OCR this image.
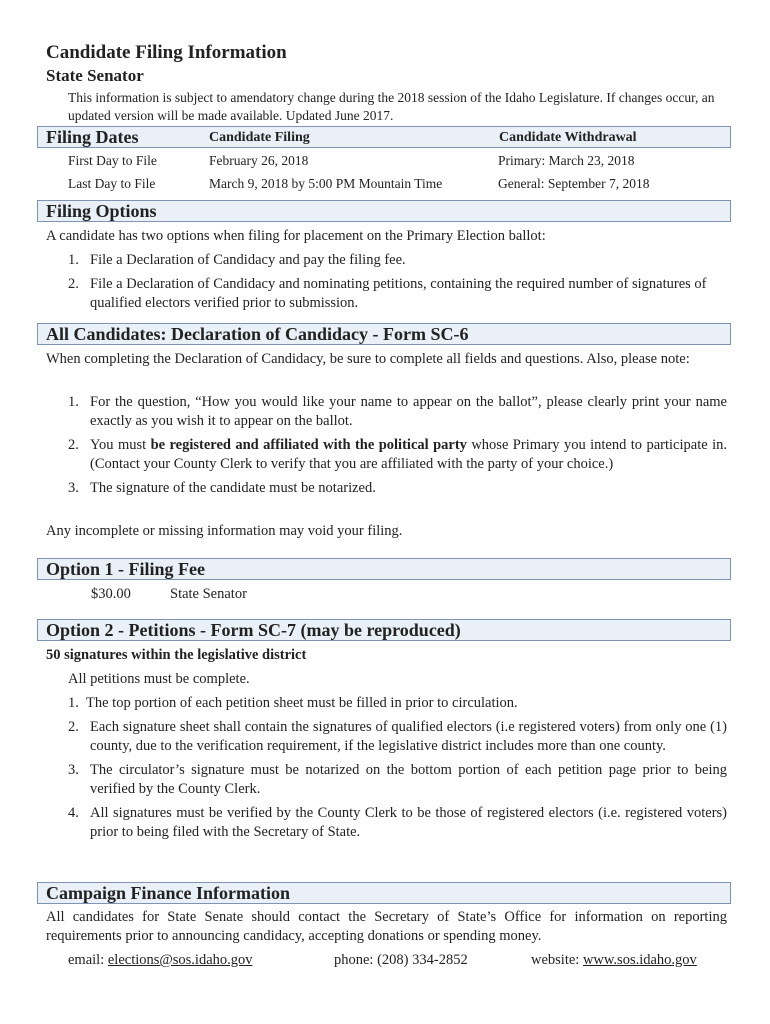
Candidate Filing Information
State Senator
This information is subject to amendatory change during the 2018 session of the Idaho Legislature. If changes occur, an updated version will be made available. Updated June 2017.
Filing Dates	Candidate Filing	Candidate Withdrawal
First Day to File	February 26, 2018	Primary: March 23, 2018
Last Day to File	March 9, 2018 by 5:00 PM Mountain Time	General: September 7, 2018
Filing Options

A candidate has two options when filing for placement on the Primary Election ballot:

1. File a Declaration of Candidacy and pay the filing fee.
2. File a Declaration of Candidacy and nominating petitions, containing the required number of signatures of qualified electors verified prior to submission.
All Candidates: Declaration of Candidacy - Form SC-6

When completing the Declaration of Candidacy, be sure to complete all fields and questions. Also, please note:

1. For the question, “How you would like your name to appear on the ballot”, please clearly print your name exactly as you wish it to appear on the ballot.
2. You must be registered and affiliated with the political party whose Primary you intend to participate in. (Contact your County Clerk to verify that you are affiliated with the party of your choice.)
3. The signature of the candidate must be notarized.

Any incomplete or missing information may void your filing.

Option 1 - Filing Fee
$30.00	State Senator
Option 2 - Petitions - Form SC-7 (may be reproduced)
50 signatures within the legislative district
All petitions must be complete.
1. The top portion of each petition sheet must be filled in prior to circulation.
2. Each signature sheet shall contain the signatures of qualified electors (i.e registered voters) from only one (1) county, due to the verification requirement, if the legislative district includes more than one county.
3. The circulator’s signature must be notarized on the bottom portion of each petition page prior to being verified by the County Clerk.
4. All signatures must be verified by the County Clerk to be those of registered electors (i.e. registered voters) prior to being filed with the Secretary of State.
Campaign Finance Information

All candidates for State Senate should contact the Secretary of State’s Office for information on reporting requirements prior to announcing candidacy, accepting donations or spending money.

email: elections@sos.idaho.gov	phone: (208) 334-2852	website: www.sos.idaho.gov
